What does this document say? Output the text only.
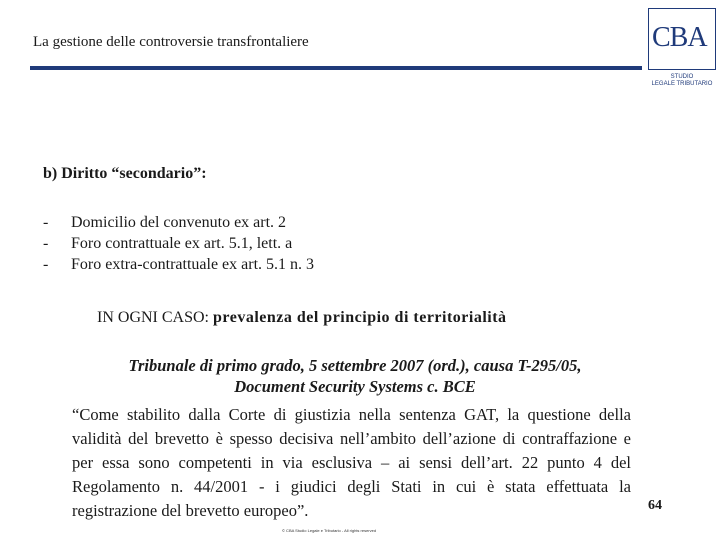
La gestione delle controversie transfrontaliere	CBA
STUDIO
LEGALE TRIBUTARIO
b) Diritto “secondario”:
-	Domicilio del convenuto ex art. 2
-	Foro contrattuale ex art. 5.1, lett. a
-	Foro extra-contrattuale ex art. 5.1 n. 3
IN OGNI CASO: prevalenza del principio di territorialità
Tribunale di primo grado, 5 settembre 2007 (ord.), causa T-295/05,
Document Security Systems c. BCE
“Come stabilito dalla Corte di giustizia nella sentenza GAT, la questione della validità del brevetto è spesso decisiva nell’ambito dell’azione di contraffazione e per essa sono competenti in via esclusiva – ai sensi dell’art. 22 punto 4 del Regolamento n. 44/2001 - i giudici degli Stati in cui è stata effettuata la registrazione del brevetto europeo”.	64
© CBA Studio Legale e Tributario - All rights reserved
